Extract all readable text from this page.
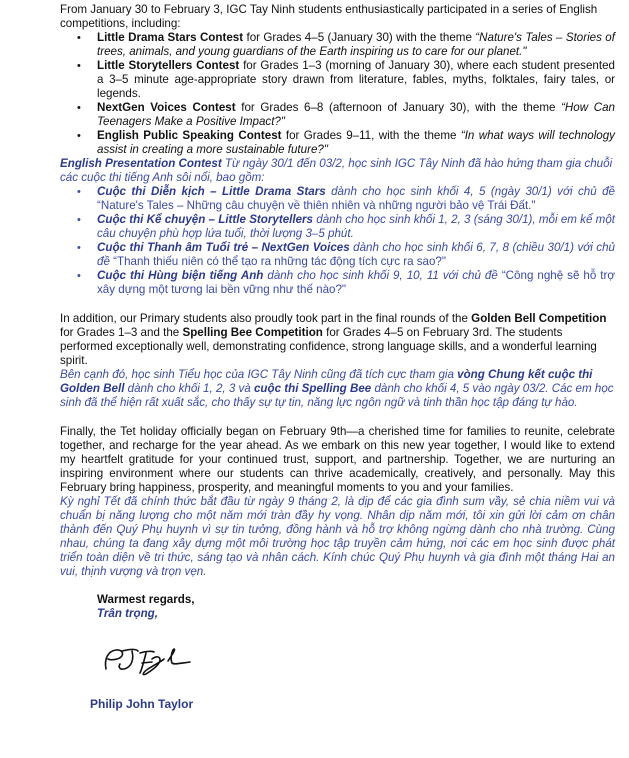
From January 30 to February 3, IGC Tay Ninh students enthusiastically participated in a series of English competitions, including:

• Little Drama Stars Contest for Grades 4–5 (January 30) with the theme “Nature's Tales – Stories of trees, animals, and young guardians of the Earth inspiring us to care for our planet."
• Little Storytellers Contest for Grades 1–3 (morning of January 30), where each student presented a 3–5 minute age-appropriate story drawn from literature, fables, myths, folktales, fairy tales, or legends.
• NextGen Voices Contest for Grades 6–8 (afternoon of January 30), with the theme “How Can Teenagers Make a Positive Impact?"
• English Public Speaking Contest for Grades 9–11, with the theme “In what ways will technology assist in creating a more sustainable future?"

English Presentation Contest Từ ngày 30/1 đến 03/2, học sinh IGC Tây Ninh đã hào hứng tham gia chuỗi các cuộc thi tiếng Anh sôi nổi, bao gồm:

• Cuộc thi Diễn kịch – Little Drama Stars dành cho học sinh khối 4, 5 (ngày 30/1) với chủ đề “Nature's Tales – Những câu chuyện về thiên nhiên và những người bảo vệ Trái Đất."
• Cuộc thi Kể chuyện – Little Storytellers dành cho học sinh khối 1, 2, 3 (sáng 30/1), mỗi em kể một câu chuyện phù hợp lứa tuổi, thời lượng 3–5 phút.
• Cuộc thi Thanh âm Tuổi trẻ – NextGen Voices dành cho học sinh khối 6, 7, 8 (chiều 30/1) với chủ đề “Thanh thiếu niên có thể tạo ra những tác động tích cực ra sao?"
• Cuộc thi Hùng biện tiếng Anh dành cho học sinh khối 9, 10, 11 với chủ đề “Công nghệ sẽ hỗ trợ xây dựng một tương lai bền vững như thế nào?"

In addition, our Primary students also proudly took part in the final rounds of the Golden Bell Competition for Grades 1–3 and the Spelling Bee Competition for Grades 4–5 on February 3rd. The students performed exceptionally well, demonstrating confidence, strong language skills, and a wonderful learning spirit.

Bên cạnh đó, học sinh Tiểu học của IGC Tây Ninh cũng đã tích cực tham gia vòng Chung kết cuộc thi Golden Bell dành cho khối 1, 2, 3 và cuộc thi Spelling Bee dành cho khối 4, 5 vào ngày 03/2. Các em học sinh đã thể hiện rất xuất sắc, cho thấy sự tự tin, năng lực ngôn ngữ và tinh thần học tập đáng tự hào.

Finally, the Tet holiday officially began on February 9th—a cherished time for families to reunite, celebrate together, and recharge for the year ahead. As we embark on this new year together, I would like to extend my heartfelt gratitude for your continued trust, support, and partnership. Together, we are nurturing an inspiring environment where our students can thrive academically, creatively, and personally. May this February bring happiness, prosperity, and meaningful moments to you and your families.

Kỳ nghỉ Tết đã chính thức bắt đầu từ ngày 9 tháng 2, là dịp để các gia đình sum vầy, sẻ chia niềm vui và chuẩn bị năng lượng cho một năm mới tràn đầy hy vọng. Nhân dịp năm mới, tôi xin gửi lời cảm ơn chân thành đến Quý Phụ huynh vì sự tin tưởng, đồng hành và hỗ trợ không ngừng dành cho nhà trường. Cùng nhau, chúng ta đang xây dựng một môi trường học tập truyền cảm hứng, nơi các em học sinh được phát triển toàn diện về tri thức, sáng tạo và nhân cách. Kính chúc Quý Phụ huynh và gia đình một tháng Hai an vui, thịnh vượng và trọn vẹn.

Warmest regards,
Trân trọng,
Philip John Taylor
